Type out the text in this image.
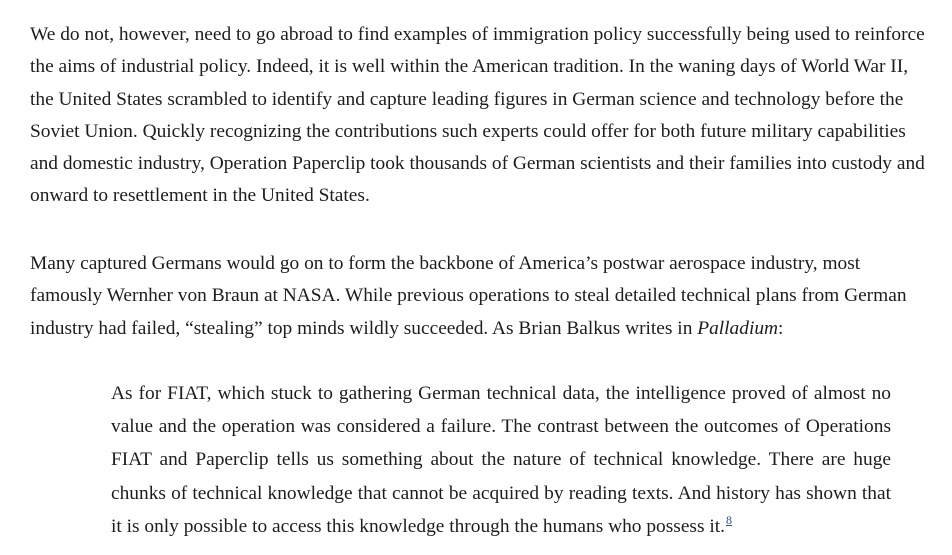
We do not, however, need to go abroad to find examples of immigration policy successfully being used to reinforce the aims of industrial policy. Indeed, it is well within the American tradition. In the waning days of World War II, the United States scrambled to identify and capture leading figures in German science and technology before the Soviet Union. Quickly recognizing the contributions such experts could offer for both future military capabilities and domestic industry, Operation Paperclip took thousands of German scientists and their families into custody and onward to resettlement in the United States.

Many captured Germans would go on to form the backbone of America’s postwar aerospace industry, most famously Wernher von Braun at NASA. While previous operations to steal detailed technical plans from German industry had failed, “stealing” top minds wildly succeeded. As Brian Balkus writes in Palladium:

As for FIAT, which stuck to gathering German technical data, the intelligence proved of almost no value and the operation was considered a failure. The contrast between the outcomes of Operations FIAT and Paperclip tells us something about the nature of technical knowledge. There are huge chunks of technical knowledge that cannot be acquired by reading texts. And history has shown that it is only possible to access this knowledge through the humans who possess it.$^8$
